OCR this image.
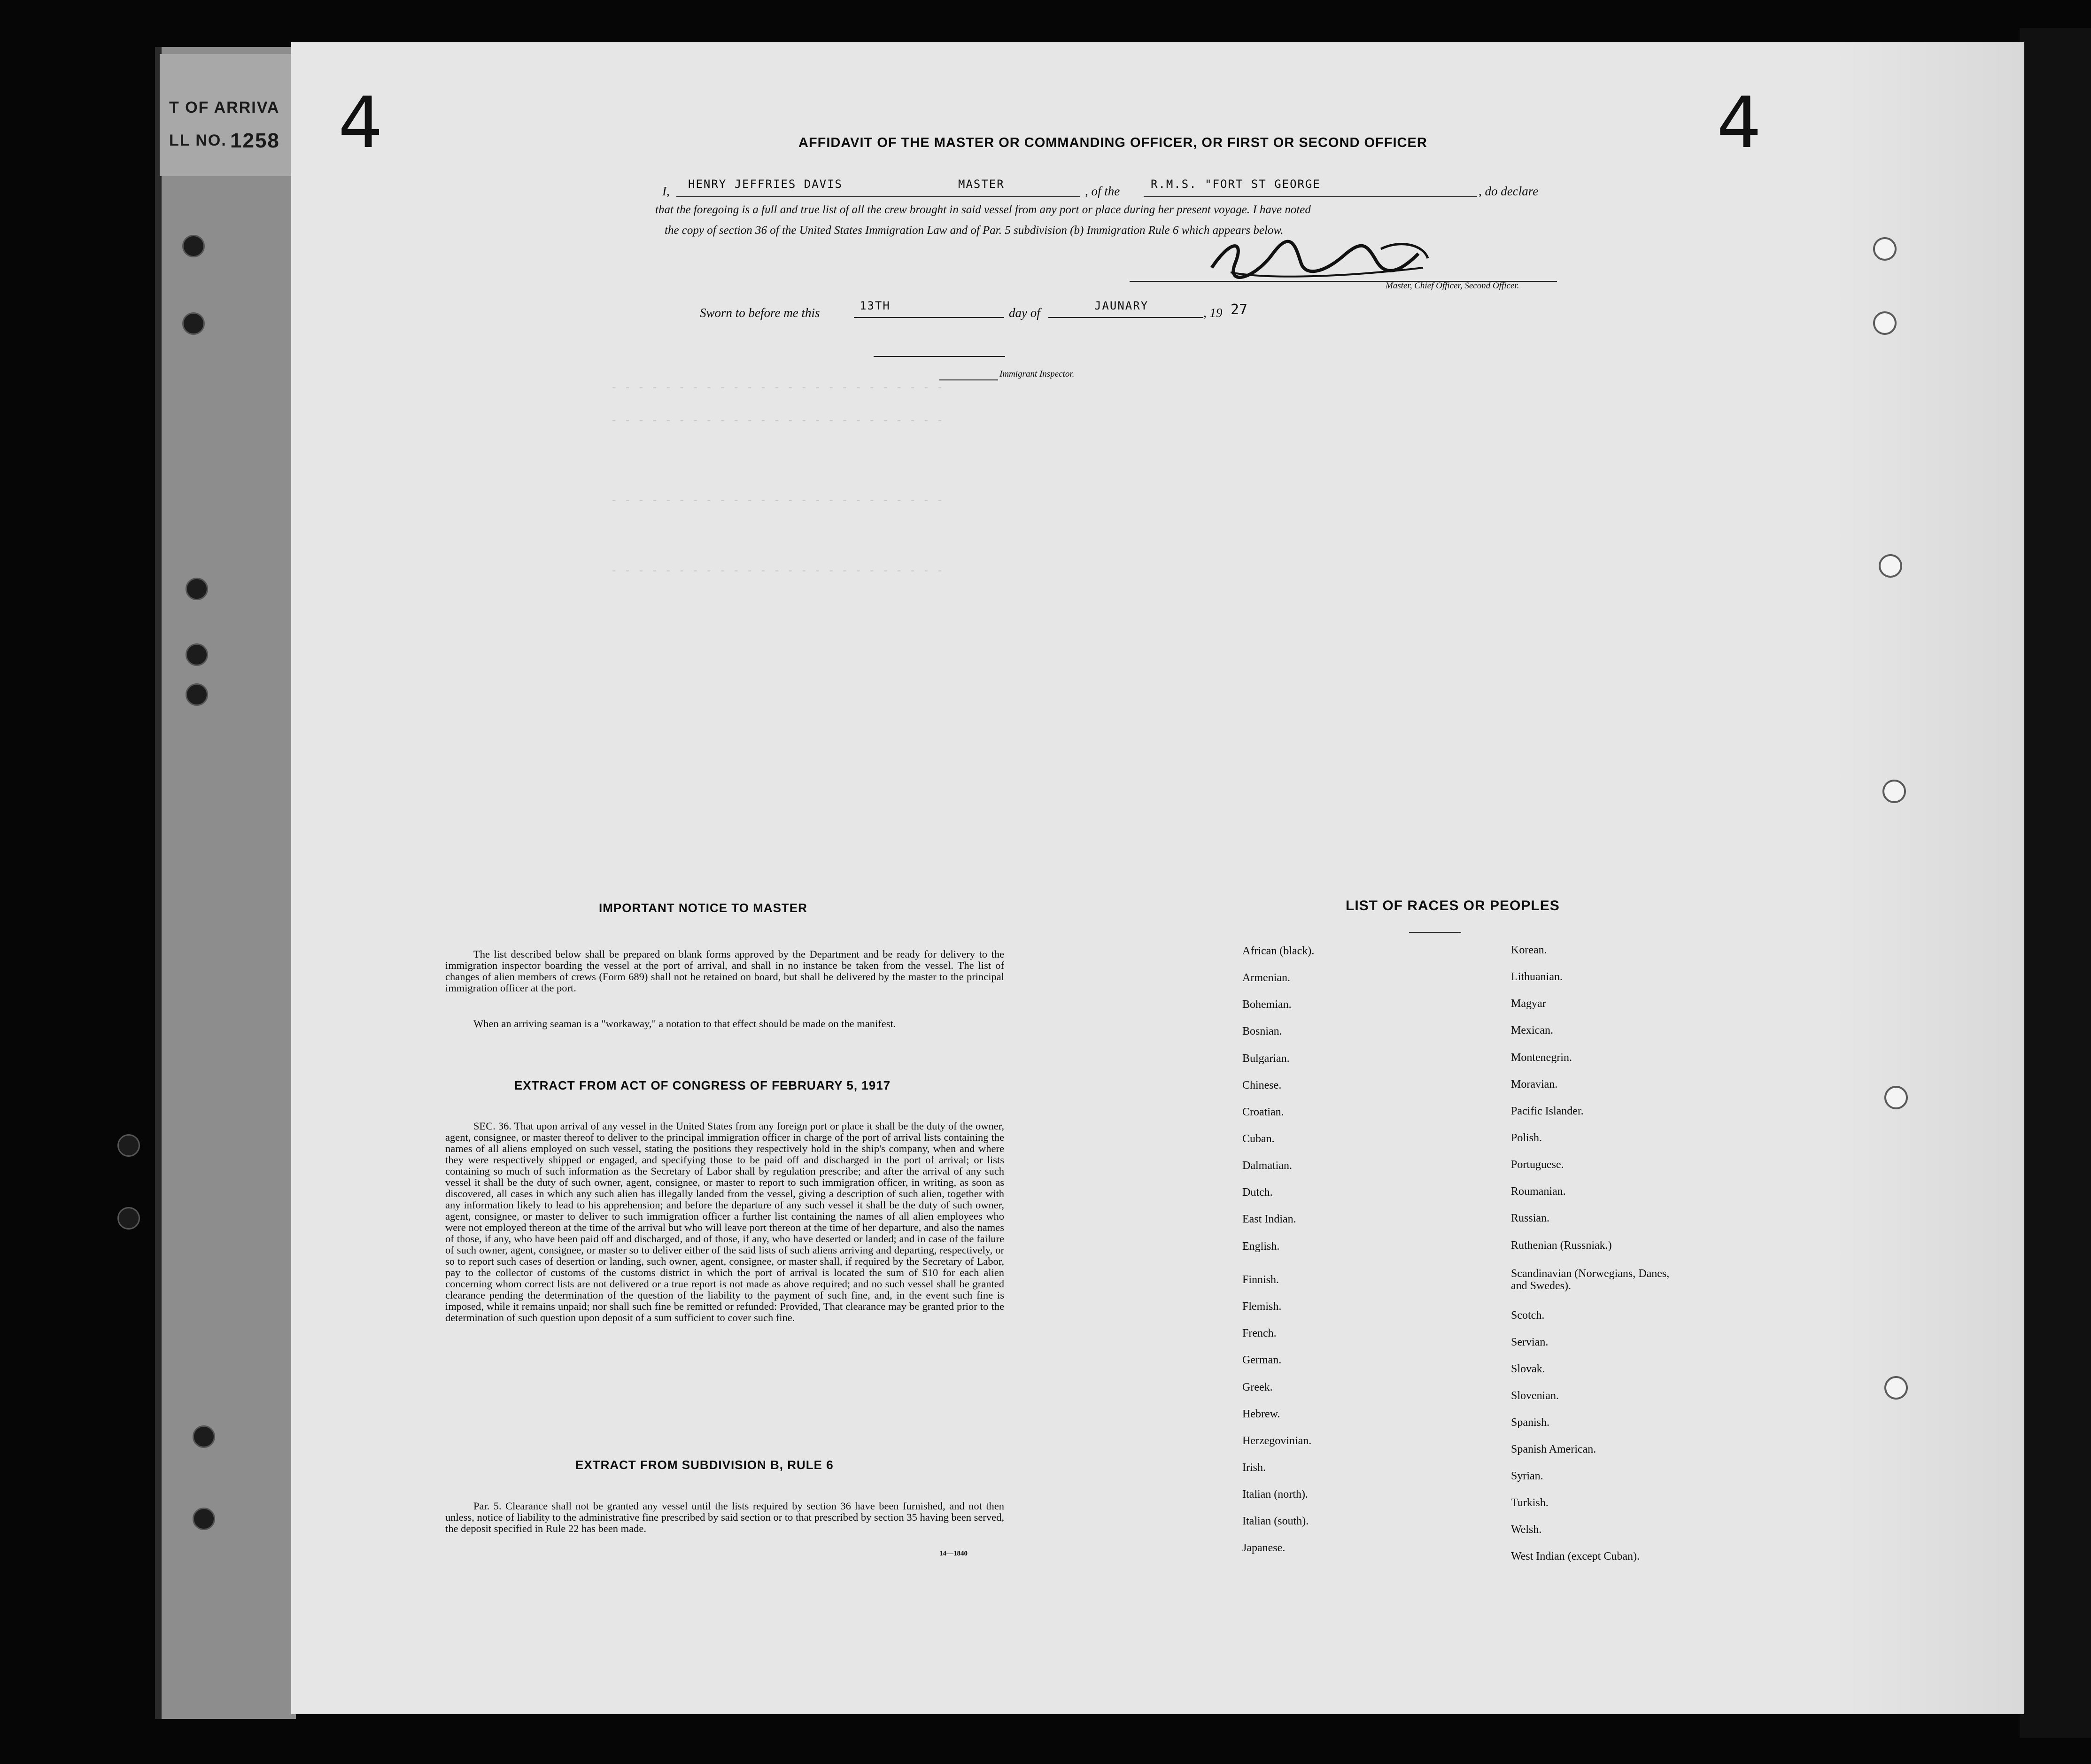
T OF ARRIVA
LL NO. 1258
- - - - - - - - - - - - - - - - - - - - - - - - -
- - - - - - - - - - - - - - - - - - - - - - - - -
- - - - - - - - - - - - - - - - - - - - - - - - -
- - - - - - - - - - - - - - - - - - - - - - - - -
4	4
AFFIDAVIT OF THE MASTER OR COMMANDING OFFICER, OR FIRST OR SECOND OFFICER
I, HENRY JEFFRIES DAVIS	MASTER	, of the	R.M.S. "FORT ST GEORGE	, do declare
that the foregoing is a full and true list of all the crew brought in said vessel from any port or place during her present voyage. I have noted
the copy of section 36 of the United States Immigration Law and of Par. 5 subdivision (b) Immigration Rule 6 which appears below.
Master, Chief Officer, Second Officer.
Sworn to before me this	13TH	day of	JAUNARY	, 19 27
Immigrant Inspector.
IMPORTANT NOTICE TO MASTER
The list described below shall be prepared on blank forms approved by the Department and be ready for delivery to the immigration inspector boarding the vessel at the port of arrival, and shall in no instance be taken from the vessel. The list of changes of alien members of crews (Form 689) shall not be retained on board, but shall be delivered by the master to the principal immigration officer at the port.
When an arriving seaman is a "workaway," a notation to that effect should be made on the manifest.
EXTRACT FROM ACT OF CONGRESS OF FEBRUARY 5, 1917
SEC. 36. That upon arrival of any vessel in the United States from any foreign port or place it shall be the duty of the owner, agent, consignee, or master thereof to deliver to the principal immigration officer in charge of the port of arrival lists containing the names of all aliens employed on such vessel, stating the positions they respectively hold in the ship's company, when and where they were respectively shipped or engaged, and specifying those to be paid off and discharged in the port of arrival; or lists containing so much of such information as the Secretary of Labor shall by regulation prescribe; and after the arrival of any such vessel it shall be the duty of such owner, agent, consignee, or master to report to such immigration officer, in writing, as soon as discovered, all cases in which any such alien has illegally landed from the vessel, giving a description of such alien, together with any information likely to lead to his apprehension; and before the departure of any such vessel it shall be the duty of such owner, agent, consignee, or master to deliver to such immigration officer a further list containing the names of all alien employees who were not employed thereon at the time of the arrival but who will leave port thereon at the time of her departure, and also the names of those, if any, who have been paid off and discharged, and of those, if any, who have deserted or landed; and in case of the failure of such owner, agent, consignee, or master so to deliver either of the said lists of such aliens arriving and departing, respectively, or so to report such cases of desertion or landing, such owner, agent, consignee, or master shall, if required by the Secretary of Labor, pay to the collector of customs of the customs district in which the port of arrival is located the sum of $10 for each alien concerning whom correct lists are not delivered or a true report is not made as above required; and no such vessel shall be granted clearance pending the determination of the question of the liability to the payment of such fine, and, in the event such fine is imposed, while it remains unpaid; nor shall such fine be remitted or refunded: Provided, That clearance may be granted prior to the determination of such question upon deposit of a sum sufficient to cover such fine.
EXTRACT FROM SUBDIVISION B, RULE 6
Par. 5. Clearance shall not be granted any vessel until the lists required by section 36 have been furnished, and not then unless, notice of liability to the administrative fine prescribed by said section or to that prescribed by section 35 having been served, the deposit specified in Rule 22 has been made.
14—1840
LIST OF RACES OR PEOPLES
African (black).
Armenian.
Bohemian.
Bosnian.
Bulgarian.
Chinese.
Croatian.
Cuban.
Dalmatian.
Dutch.
East Indian.
English.
Finnish.
Flemish.
French.
German.
Greek.
Hebrew.
Herzegovinian.
Irish.
Italian (north).
Italian (south).
Japanese.
Korean.
Lithuanian.
Magyar
Mexican.
Montenegrin.
Moravian.
Pacific Islander.
Polish.
Portuguese.
Roumanian.
Russian.
Ruthenian (Russniak.)
Scandinavian (Norwegians, Danes, and Swedes).
Scotch.
Servian.
Slovak.
Slovenian.
Spanish.
Spanish American.
Syrian.
Turkish.
Welsh.
West Indian (except Cuban).
